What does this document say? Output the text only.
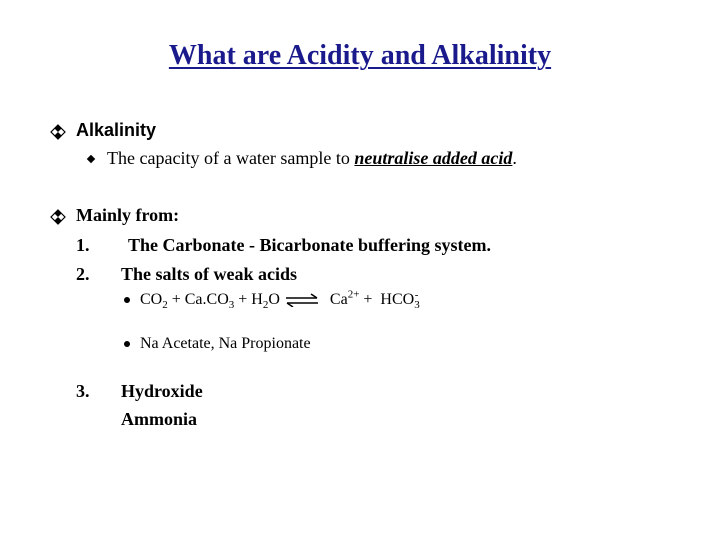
What are Acidity and Alkalinity
Alkalinity
The capacity of a water sample to neutralise added acid.
Mainly from:
1. The Carbonate - Bicarbonate buffering system.
2. The salts of weak acids
$CO_2 + Ca.CO_3 + H_2O$ ⇌ $Ca^{2+} + HCO_3^-$
Na Acetate, Na Propionate
3. Hydroxide
Ammonia
